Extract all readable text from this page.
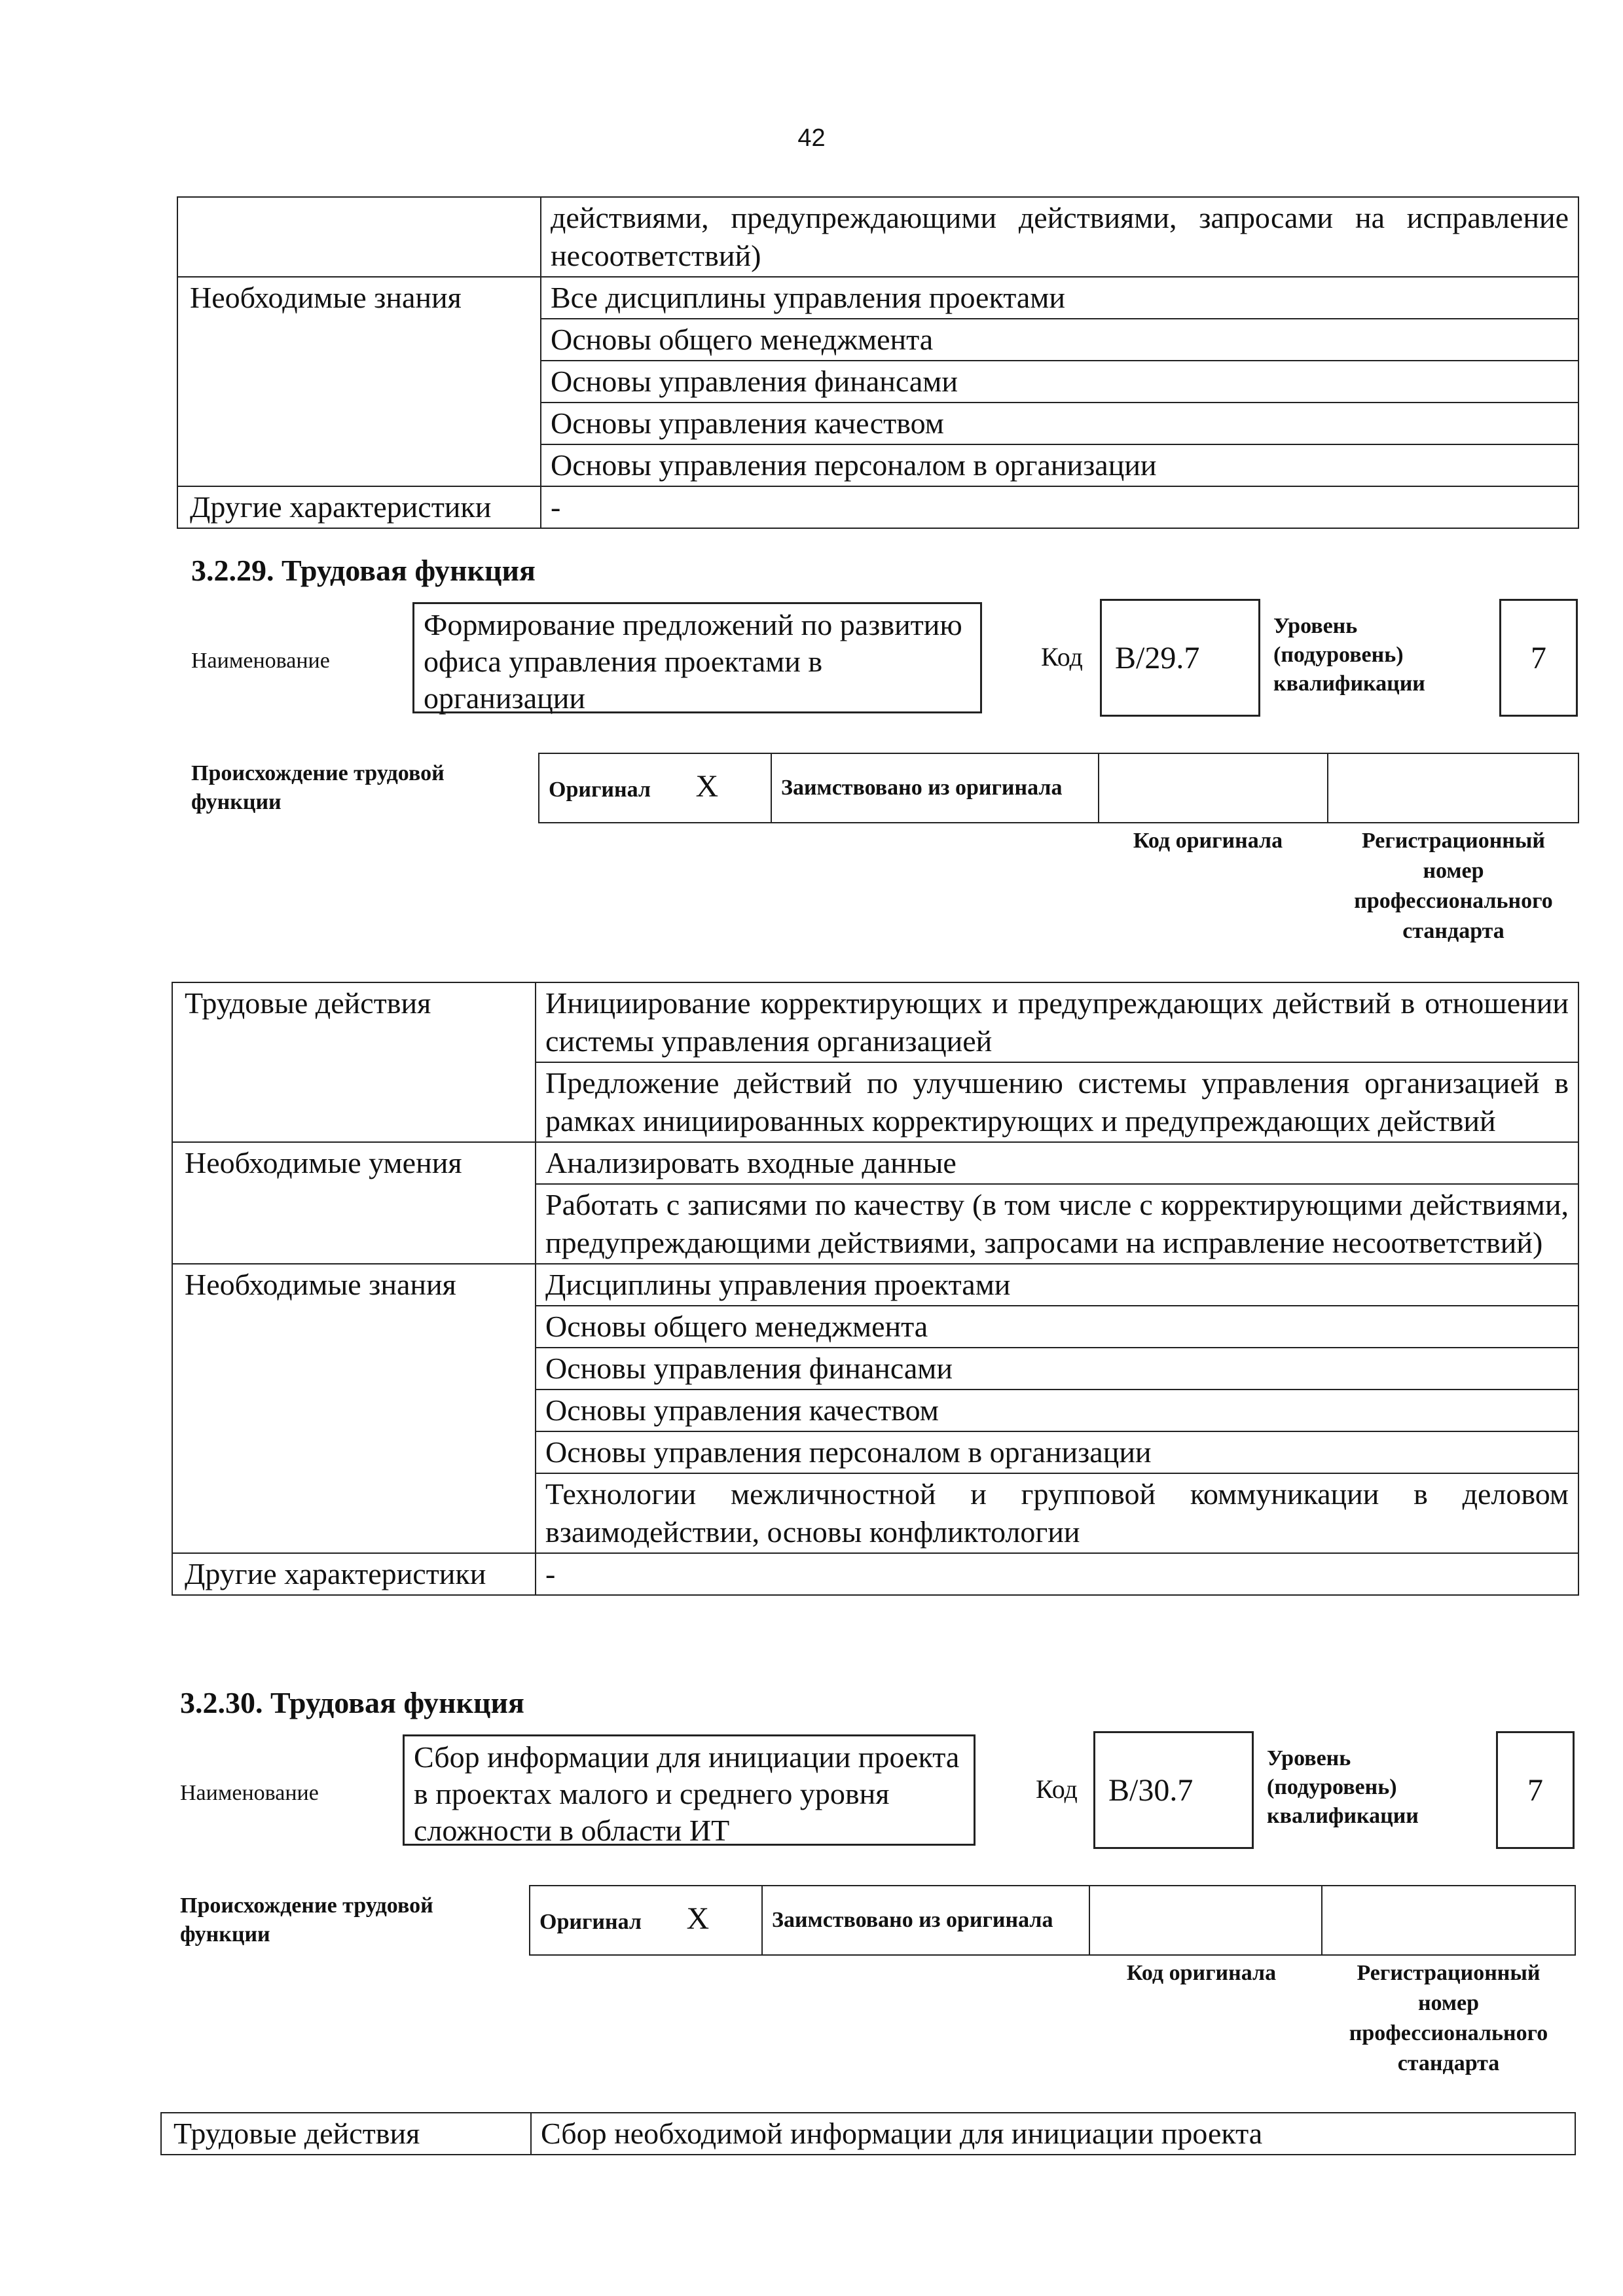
42
	действиями, предупреждающими действиями, запросами на исправление несоответствий)
Необходимые знания	Все дисциплины управления проектами
	Основы общего менеджмента
	Основы управления финансами
	Основы управления качеством
	Основы управления персоналом в организации
Другие характеристики	-
3.2.29. Трудовая функция
Наименование
Формирование предложений по развитию офиса управления проектами в организации
Код	В/29.7
Уровень (подуровень) квалификации
7
Происхождение трудовой функции
Оригинал X	Заимствовано из оригинала		
Код оригинала	Регистрационный номер профессионального стандарта
Трудовые действия	Инициирование корректирующих и предупреждающих действий в отношении системы управления организацией
	Предложение действий по улучшению системы управления организацией в рамках инициированных корректирующих и предупреждающих действий
Необходимые умения	Анализировать входные данные
	Работать с записями по качеству (в том числе с корректирующими действиями, предупреждающими действиями, запросами на исправление несоответствий)
Необходимые знания	Дисциплины управления проектами
	Основы общего менеджмента
	Основы управления финансами
	Основы управления качеством
	Основы управления персоналом в организации
	Технологии межличностной и групповой коммуникации в деловом взаимодействии, основы конфликтологии
Другие характеристики	-
3.2.30. Трудовая функция
Наименование
Сбор информации для инициации проекта в проектах малого и среднего уровня сложности в области ИТ
Код В/30.7
Уровень (подуровень) квалификации
7
Происхождение трудовой функции
Оригинал X	Заимствовано из оригинала		
Код оригинала	Регистрационный номер профессионального стандарта
Трудовые действия	Сбор необходимой информации для инициации проекта
